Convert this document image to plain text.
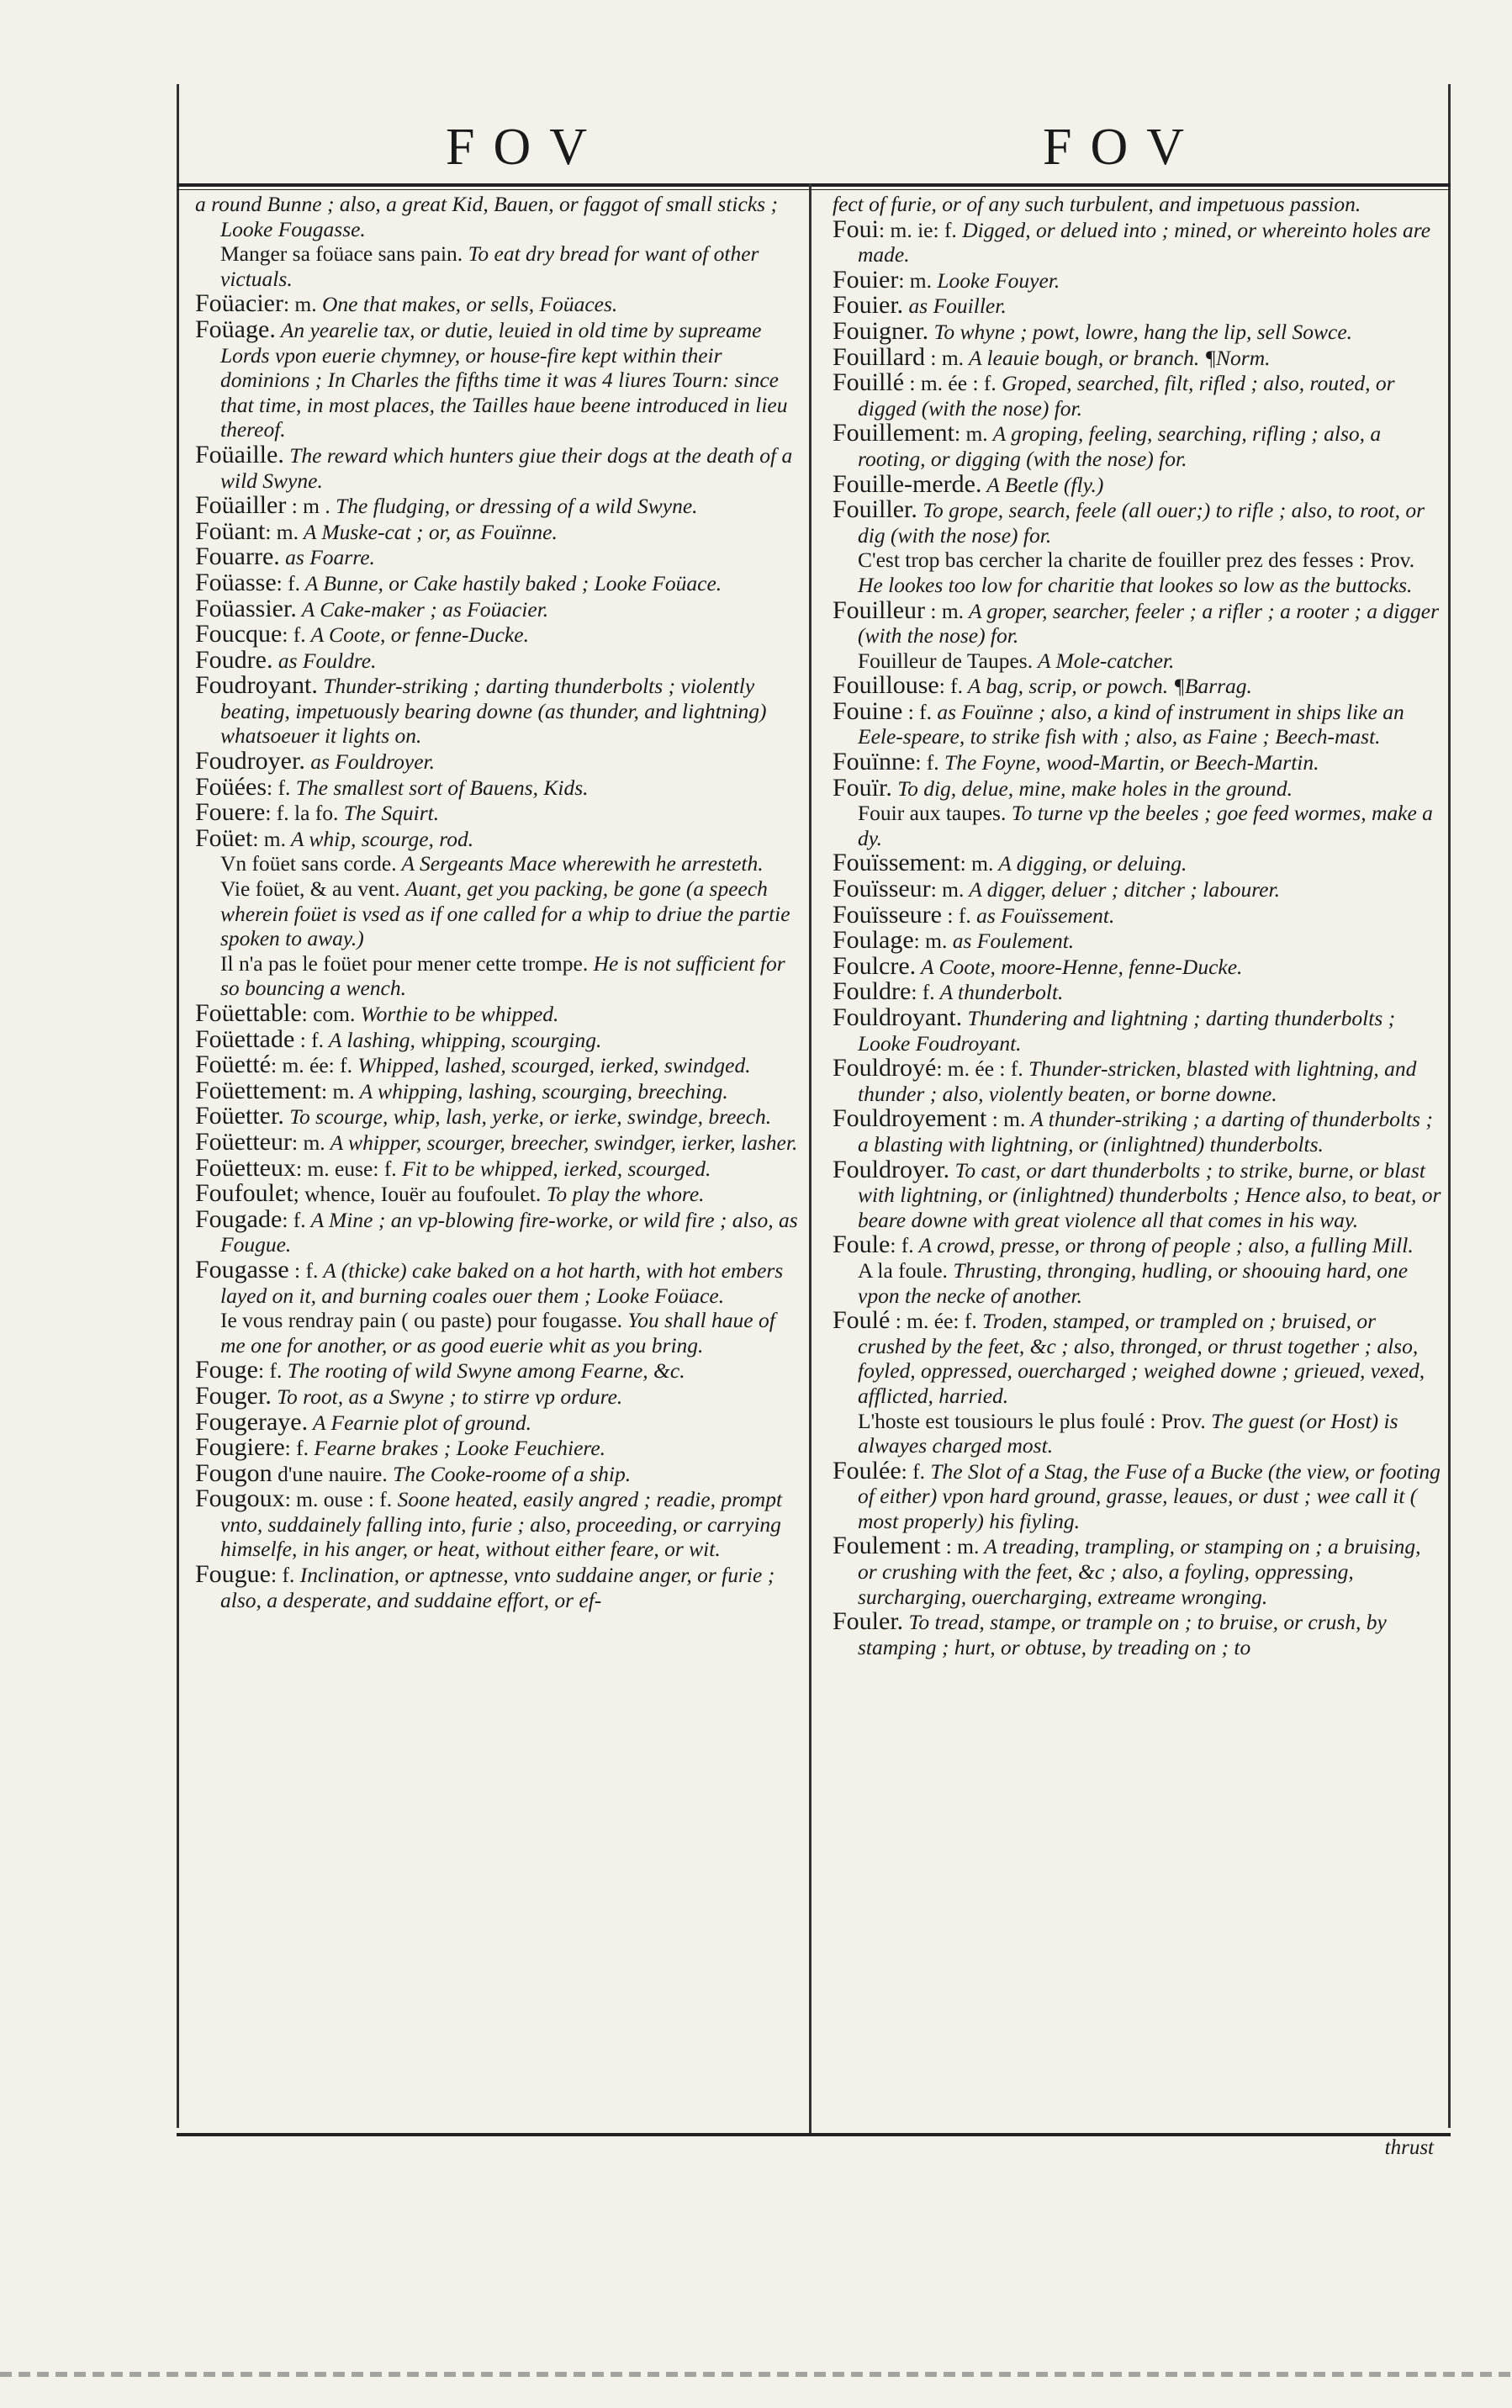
FOV	FOV

a round Bunne ; also, a great Kid, Bauen, or faggot of small sticks ; Looke Fougasse.

Manger sa foüace sans pain. To eat dry bread for want of other victuals.

Foüacier: m. One that makes, or sells, Foüaces.

Foüage. An yearelie tax, or dutie, leuied in old time by supreame Lords vpon euerie chymney, or house-fire kept within their dominions ; In Charles the fifths time it was 4 liures Tourn: since that time, in most places, the Tailles haue beene introduced in lieu thereof.

Foüaille. The reward which hunters giue their dogs at the death of a wild Swyne.

Foüailler : m . The fludging, or dressing of a wild Swyne.

Foüant: m. A Muske-cat ; or, as Fouïnne.

Fouarre. as Foarre.

Foüasse: f. A Bunne, or Cake hastily baked ; Looke Foüace.

Foüassier. A Cake-maker ; as Foüacier.

Foucque: f. A Coote, or fenne-Ducke.

Foudre. as Fouldre.

Foudroyant. Thunder-striking ; darting thunderbolts ; violently beating, impetuously bearing downe (as thunder, and lightning) whatsoeuer it lights on.

Foudroyer. as Fouldroyer.

Foüées: f. The smallest sort of Bauens, Kids.

Fouere: f. la fo. The Squirt.

Foüet: m. A whip, scourge, rod.

Vn foüet sans corde. A Sergeants Mace wherewith he arresteth.

Vie foüet, & au vent. Auant, get you packing, be gone (a speech wherein foüet is vsed as if one called for a whip to driue the partie spoken to away.)

Il n'a pas le foüet pour mener cette trompe. He is not sufficient for so bouncing a wench.

Foüettable: com. Worthie to be whipped.

Foüettade : f. A lashing, whipping, scourging.

Foüetté: m. ée: f. Whipped, lashed, scourged, ierked, swindged.

Foüettement: m. A whipping, lashing, scourging, breeching.

Foüetter. To scourge, whip, lash, yerke, or ierke, swindge, breech.

Foüetteur: m. A whipper, scourger, breecher, swindger, ierker, lasher.

Foüetteux: m. euse: f. Fit to be whipped, ierked, scourged.

Foufoulet; whence, Iouër au foufoulet. To play the whore.

Fougade: f. A Mine ; an vp-blowing fire-worke, or wild fire ; also, as Fougue.

Fougasse : f. A (thicke) cake baked on a hot harth, with hot embers layed on it, and burning coales ouer them ; Looke Foüace.

Ie vous rendray pain ( ou paste) pour fougasse. You shall haue of me one for another, or as good euerie whit as you bring.

Fouge: f. The rooting of wild Swyne among Fearne, &c.

Fouger. To root, as a Swyne ; to stirre vp ordure.

Fougeraye. A Fearnie plot of ground.

Fougiere: f. Fearne brakes ; Looke Feuchiere.

Fougon d'une nauire. The Cooke-roome of a ship.

Fougoux: m. ouse : f. Soone heated, easily angred ; readie, prompt vnto, suddainely falling into, furie ; also, proceeding, or carrying himselfe, in his anger, or heat, without either feare, or wit.

Fougue: f. Inclination, or aptnesse, vnto suddaine anger, or furie ; also, a desperate, and suddaine effort, or ef-

fect of furie, or of any such turbulent, and impetuous passion.

Foui: m. ie: f. Digged, or delued into ; mined, or whereinto holes are made.

Fouier: m. Looke Fouyer.

Fouier. as Fouiller.

Fouigner. To whyne ; powt, lowre, hang the lip, sell Sowce.

Fouillard : m. A leauie bough, or branch. ¶Norm.

Fouillé : m. ée : f. Groped, searched, filt, rifled ; also, routed, or digged (with the nose) for.

Fouillement: m. A groping, feeling, searching, rifling ; also, a rooting, or digging (with the nose) for.

Fouille-merde. A Beetle (fly.)

Fouiller. To grope, search, feele (all ouer;) to rifle ; also, to root, or dig (with the nose) for.

C'est trop bas cercher la charite de fouiller prez des fesses : Prov. He lookes too low for charitie that lookes so low as the buttocks.

Fouilleur : m. A groper, searcher, feeler ; a rifler ; a rooter ; a digger (with the nose) for.

Fouilleur de Taupes. A Mole-catcher.

Fouillouse: f. A bag, scrip, or powch. ¶Barrag.

Fouine : f. as Fouïnne ; also, a kind of instrument in ships like an Eele-speare, to strike fish with ; also, as Faine ; Beech-mast.

Fouïnne: f. The Foyne, wood-Martin, or Beech-Martin.

Fouïr. To dig, delue, mine, make holes in the ground.

Fouir aux taupes. To turne vp the beeles ; goe feed wormes, make a dy.

Fouïssement: m. A digging, or deluing.

Fouïsseur: m. A digger, deluer ; ditcher ; labourer.

Fouïsseure : f. as Fouïssement.

Foulage: m. as Foulement.

Foulcre. A Coote, moore-Henne, fenne-Ducke.

Fouldre: f. A thunderbolt.

Fouldroyant. Thundering and lightning ; darting thunderbolts ; Looke Foudroyant.

Fouldroyé: m. ée : f. Thunder-stricken, blasted with lightning, and thunder ; also, violently beaten, or borne downe.

Fouldroyement : m. A thunder-striking ; a darting of thunderbolts ; a blasting with lightning, or (inlightned) thunderbolts.

Fouldroyer. To cast, or dart thunderbolts ; to strike, burne, or blast with lightning, or (inlightned) thunderbolts ; Hence also, to beat, or beare downe with great violence all that comes in his way.

Foule: f. A crowd, presse, or throng of people ; also, a fulling Mill.

A la foule. Thrusting, thronging, hudling, or shoouing hard, one vpon the necke of another.

Foulé : m. ée: f. Troden, stamped, or trampled on ; bruised, or crushed by the feet, &c ; also, thronged, or thrust together ; also, foyled, oppressed, ouercharged ; weighed downe ; grieued, vexed, afflicted, harried.

L'hoste est tousiours le plus foulé : Prov. The guest (or Host) is alwayes charged most.

Foulée: f. The Slot of a Stag, the Fuse of a Bucke (the view, or footing of either) vpon hard ground, grasse, leaues, or dust ; wee call it ( most properly) his fiyling.

Foulement : m. A treading, trampling, or stamping on ; a bruising, or crushing with the feet, &c ; also, a foyling, oppressing, surcharging, ouercharging, extreame wronging.

Fouler. To tread, stampe, or trample on ; to bruise, or crush, by stamping ; hurt, or obtuse, by treading on ; to

thrust
